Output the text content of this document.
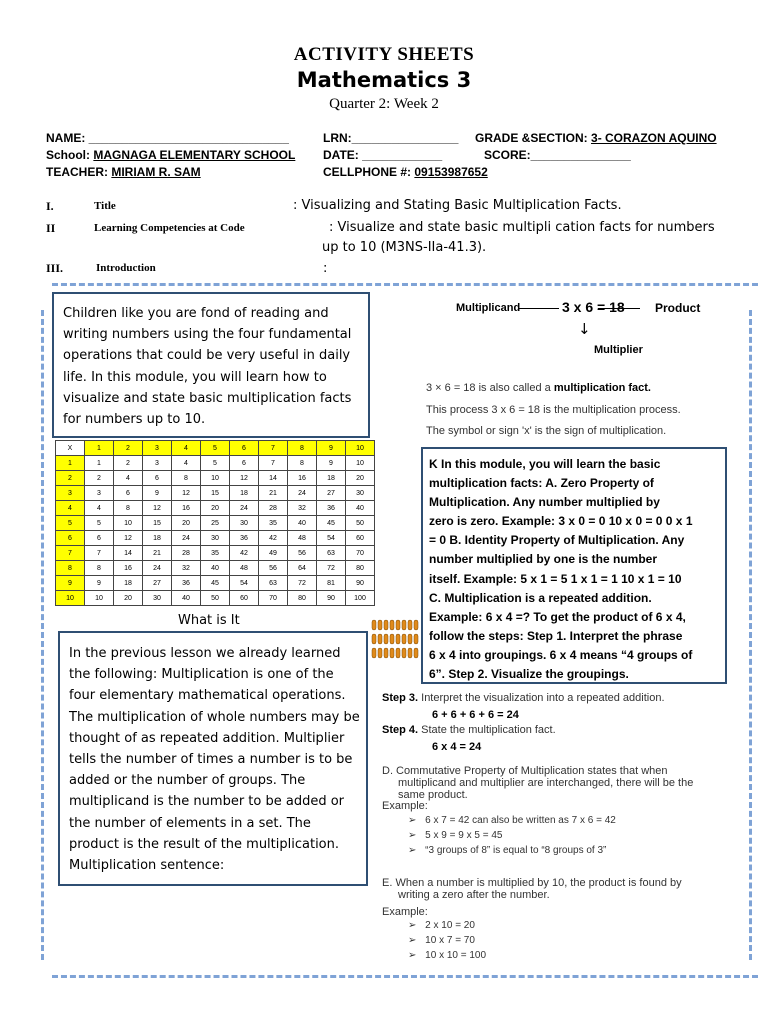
ACTIVITY SHEETS
Mathematics 3
Quarter 2: Week 2
NAME: ______________________________	LRN:________________ GRADE &SECTION: 3- CORAZON AQUINO
School: MAGNAGA ELEMENTARY SCHOOL DATE: ____________	SCORE:_______________
TEACHER: MIRIAM R. SAM	CELLPHONE #: 09153987652
I.	Title	: Visualizing and Stating Basic Multiplication Facts.
II	Learning Competencies at Code	: Visualize and state basic multipli cation facts for numbers
up to 10 (M3NS-IIa-41.3).
III.	Introduction	:
Children like you are fond of reading and
writing numbers using the four fundamental
operations that could be very useful in daily
life. In this module, you will learn how to
visualize and state basic multiplication facts
for numbers up to 10.
X	1	2	3	4	5	6	7	8	9	10
1	1	2	3	4	5	6	7	8	9	10
2	2	4	6	8	10	12	14	16	18	20
3	3	6	9	12	15	18	21	24	27	30
4	4	8	12	16	20	24	28	32	36	40
5	5	10	15	20	25	30	35	40	45	50
6	6	12	18	24	30	36	42	48	54	60
7	7	14	21	28	35	42	49	56	63	70
8	8	16	24	32	40	48	56	64	72	80
9	9	18	27	36	45	54	63	72	81	90
10	10	20	30	40	50	60	70	80	90	100
In the previous lesson we already learned
the following: Multiplication is one of the
four elementary mathematical operations.
The multiplication of whole numbers may be
thought of as repeated addition. Multiplier
tells the number of times a number is to be
added or the number of groups. The
multiplicand is the number to be added or
the number of elements in a set. The
product is the result of the multiplication.
Multiplication sentence:
What is It
Multiplicand	3 x 6 = 18	Product
↓
Multiplier
3 × 6 = 18 is also called a multiplication fact.
This process 3 x 6 = 18 is the multiplication process.
The symbol or sign 'x' is the sign of multiplication.
K In this module, you will learn the basic
multiplication facts: A. Zero Property of
Multiplication. Any number multiplied by
zero is zero. Example: 3 x 0 = 0 10 x 0 = 0 0 x 1
= 0 B. Identity Property of Multiplication. Any
number multiplied by one is the number
itself. Example: 5 x 1 = 5 1 x 1 = 1 10 x 1 = 10
C. Multiplication is a repeated addition.
Example: 6 x 4 =? To get the product of 6 x 4,
follow the steps: Step 1. Interpret the phrase
6 x 4 into groupings. 6 x 4 means “4 groups of
6”. Step 2. Visualize the groupings.
Step 3. Interpret the visualization into a repeated addition.
6 + 6 + 6 + 6 = 24
Step 4. State the multiplication fact.
6 x 4 = 24
D. Commutative Property of Multiplication states that when
multiplicand and multiplier are interchanged, there will be the
same product.
Example:
➢ 6 x 7 = 42 can also be written as 7 x 6 = 42
➢ 5 x 9 = 9 x 5 = 45
➢ “3 groups of 8” is equal to “8 groups of 3”
E. When a number is multiplied by 10, the product is found by
writing a zero after the number.
Example:
➢ 2 x 10 = 20
➢ 10 x 7 = 70
➢ 10 x 10 = 100
